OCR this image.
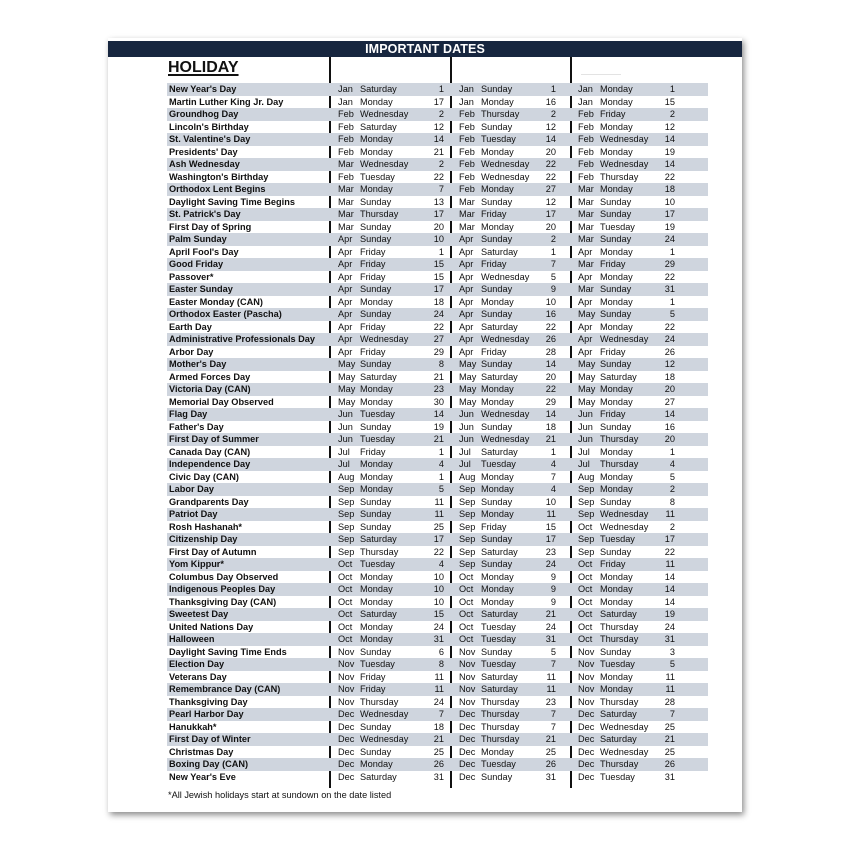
IMPORTANT DATES
HOLIDAY
New Year's Day	Jan Saturday	1 Jan Sunday	1 Jan Monday	1
Martin Luther King Jr. Day	Jan Monday	17 Jan Monday	16 Jan Monday	15
Groundhog Day	Feb Wednesday	2 Feb Thursday	2 Feb Friday	2
Lincoln's Birthday	Feb Saturday	12 Feb Sunday	12 Feb Monday	12
St. Valentine's Day	Feb Monday	14 Feb Tuesday	14 Feb Wednesday	14
Presidents' Day	Feb Monday	21 Feb Monday	20 Feb Monday	19
Ash Wednesday	Mar Wednesday	2 Feb Wednesday	22 Feb Wednesday	14
Washington's Birthday	Feb Tuesday	22 Feb Wednesday	22 Feb Thursday	22
Orthodox Lent Begins	Mar Monday	7 Feb Monday	27 Mar Monday	18
Daylight Saving Time Begins	Mar Sunday	13 Mar Sunday	12 Mar Sunday	10
St. Patrick's Day	Mar Thursday	17 Mar Friday	17 Mar Sunday	17
First Day of Spring	Mar Sunday	20 Mar Monday	20 Mar Tuesday	19
Palm Sunday	Apr Sunday	10 Apr Sunday	2 Mar Sunday	24
April Fool's Day	Apr Friday	1 Apr Saturday	1 Apr Monday	1
Good Friday	Apr Friday	15 Apr Friday	7 Mar Friday	29
Passover*	Apr Friday	15 Apr Wednesday	5 Apr Monday	22
Easter Sunday	Apr Sunday	17 Apr Sunday	9 Mar Sunday	31
Easter Monday (CAN)	Apr Monday	18 Apr Monday	10 Apr Monday	1
Orthodox Easter (Pascha)	Apr Sunday	24 Apr Sunday	16 May Sunday	5
Earth Day	Apr Friday	22 Apr Saturday	22 Apr Monday	22
Administrative Professionals Day Apr Wednesday	27 Apr Wednesday	26 Apr Wednesday	24
Arbor Day	Apr Friday	29 Apr Friday	28 Apr Friday	26
Mother's Day	May Sunday	8 May Sunday	14 May Sunday	12
Armed Forces Day	May Saturday	21 May Saturday	20 May Saturday	18
Victoria Day (CAN)	May Monday	23 May Monday	22 May Monday	20
Memorial Day Observed	May Monday	30 May Monday	29 May Monday	27
Flag Day	Jun Tuesday	14 Jun Wednesday	14 Jun Friday	14
Father's Day	Jun Sunday	19 Jun Sunday	18 Jun Sunday	16
First Day of Summer	Jun Tuesday	21 Jun Wednesday	21 Jun Thursday	20
Canada Day (CAN)	Jul Friday	1 Jul Saturday	1 Jul Monday	1
Independence Day	Jul Monday	4 Jul Tuesday	4 Jul Thursday	4
Civic Day (CAN)	Aug Monday	1 Aug Monday	7 Aug Monday	5
Labor Day	Sep Monday	5 Sep Monday	4 Sep Monday	2
Grandparents Day	Sep Sunday	11 Sep Sunday	10 Sep Sunday	8
Patriot Day	Sep Sunday	11 Sep Monday	11 Sep Wednesday	11
Rosh Hashanah*	Sep Sunday	25 Sep Friday	15 Oct Wednesday	2
Citizenship Day	Sep Saturday	17 Sep Sunday	17 Sep Tuesday	17
First Day of Autumn	Sep Thursday	22 Sep Saturday	23 Sep Sunday	22
Yom Kippur*	Oct Tuesday	4 Sep Sunday	24 Oct Friday	11
Columbus Day Observed	Oct Monday	10 Oct Monday	9 Oct Monday	14
Indigenous Peoples Day	Oct Monday	10 Oct Monday	9 Oct Monday	14
Thanksgiving Day (CAN)	Oct Monday	10 Oct Monday	9 Oct Monday	14
Sweetest Day	Oct Saturday	15 Oct Saturday	21 Oct Saturday	19
United Nations Day	Oct Monday	24 Oct Tuesday	24 Oct Thursday	24
Halloween	Oct Monday	31 Oct Tuesday	31 Oct Thursday	31
Daylight Saving Time Ends	Nov Sunday	6 Nov Sunday	5 Nov Sunday	3
Election Day	Nov Tuesday	8 Nov Tuesday	7 Nov Tuesday	5
Veterans Day	Nov Friday	11 Nov Saturday	11 Nov Monday	11
Remembrance Day (CAN)	Nov Friday	11 Nov Saturday	11 Nov Monday	11
Thanksgiving Day	Nov Thursday	24 Nov Thursday	23 Nov Thursday	28
Pearl Harbor Day	Dec Wednesday	7 Dec Thursday	7 Dec Saturday	7
Hanukkah*	Dec Sunday	18 Dec Thursday	7 Dec Wednesday	25
First Day of Winter	Dec Wednesday	21 Dec Thursday	21 Dec Saturday	21
Christmas Day	Dec Sunday	25 Dec Monday	25 Dec Wednesday	25
Boxing Day (CAN)	Dec Monday	26 Dec Tuesday	26 Dec Thursday	26
New Year's Eve	Dec Saturday	31 Dec Sunday	31 Dec Tuesday	31
*All Jewish holidays start at sundown on the date listed
